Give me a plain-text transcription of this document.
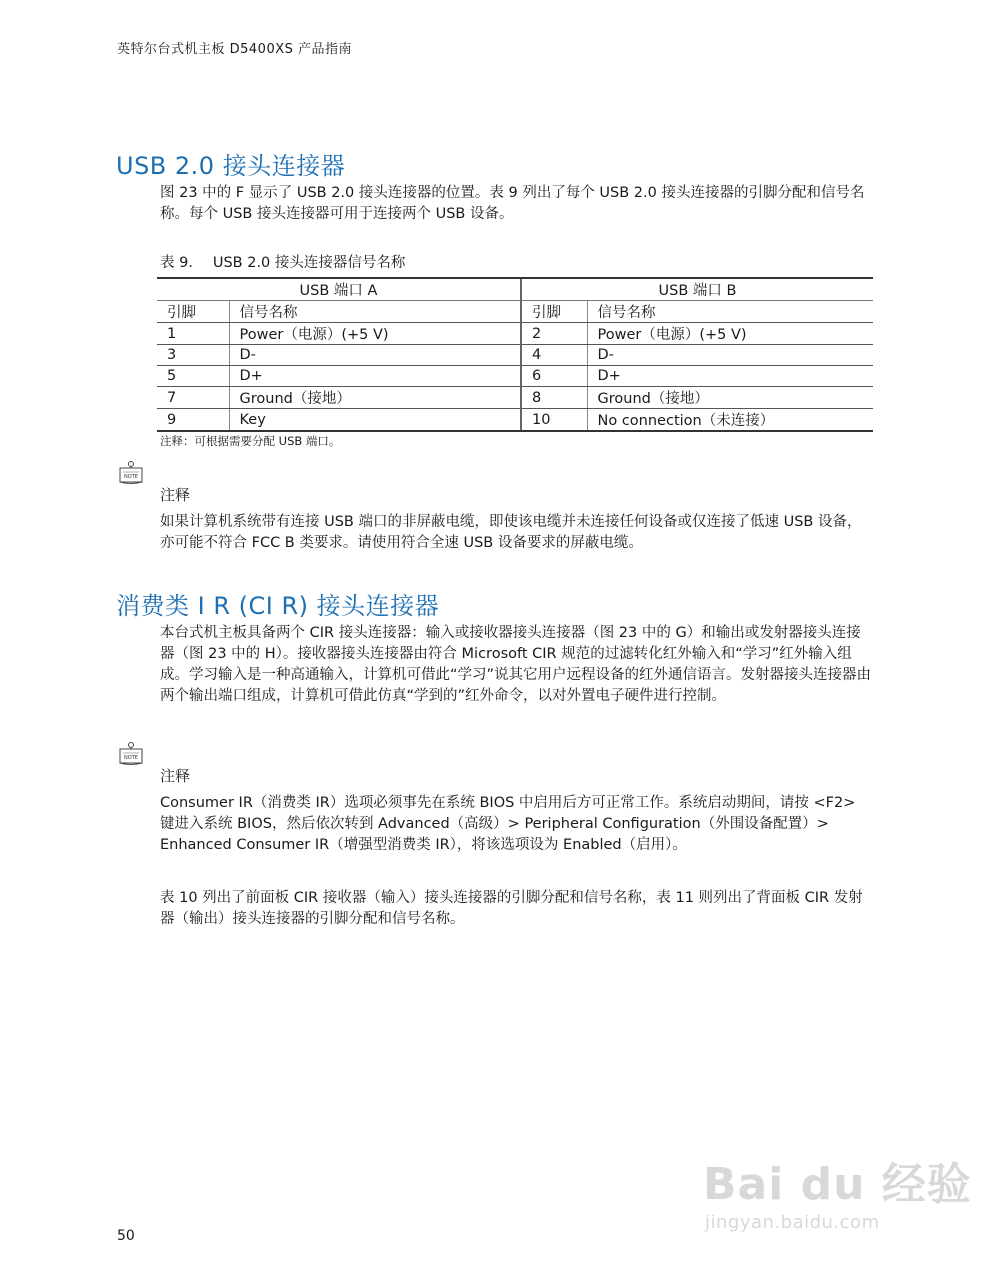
英特尔台式机主板 D5400XS 产品指南
USB 2.0 接头连接器

图 23 中的 F 显示了 USB 2.0 接头连接器的位置。表 9 列出了每个 USB 2.0 接头连接器的引脚分配和信号名称。每个 USB 接头连接器可用于连接两个 USB 设备。

表 9． USB 2.0 接头连接器信号名称
USB 端口 A		USB 端口 B	
引脚	信号名称	引脚	信号名称
1	Power（电源）(+5 V)	2	Power（电源）(+5 V)
3	D-	4	D-
5	D+	6	D+
7	Ground（接地）	8	Ground（接地）
9	Key	10	No connection（未连接）
注释：可根据需要分配 USB 端口。
NOTE
注释

如果计算机系统带有连接 USB 端口的非屏蔽电缆，即使该电缆并未连接任何设备或仅连接了低速 USB 设备，亦可能不符合 FCC B 类要求。请使用符合全速 USB 设备要求的屏蔽电缆。

消费类 I R (CI R) 接头连接器

本台式机主板具备两个 CIR 接头连接器：输入或接收器接头连接器（图 23 中的 G）和输出或发射器接头连接器（图 23 中的 H）。接收器接头连接器由符合 Microsoft CIR 规范的过滤转化红外输入和“学习”红外输入组成。学习输入是一种高通输入，计算机可借此“学习”说其它用户远程设备的红外通信语言。发射器接头连接器由两个输出端口组成，计算机可借此仿真“学到的”红外命令，以对外置电子硬件进行控制。

NOTE
注释

Consumer IR（消费类 IR）选项必须事先在系统 BIOS 中启用后方可正常工作。系统启动期间，请按 <F2> 键进入系统 BIOS，然后依次转到 Advanced（高级）> Peripheral Configuration（外围设备配置）> Enhanced Consumer IR（增强型消费类 IR），将该选项设为 Enabled（启用）。

表 10 列出了前面板 CIR 接收器（输入）接头连接器的引脚分配和信号名称，表 11 则列出了背面板 CIR 发射器（输出）接头连接器的引脚分配和信号名称。

50
Bai du 经验
jingyan.baidu.com
